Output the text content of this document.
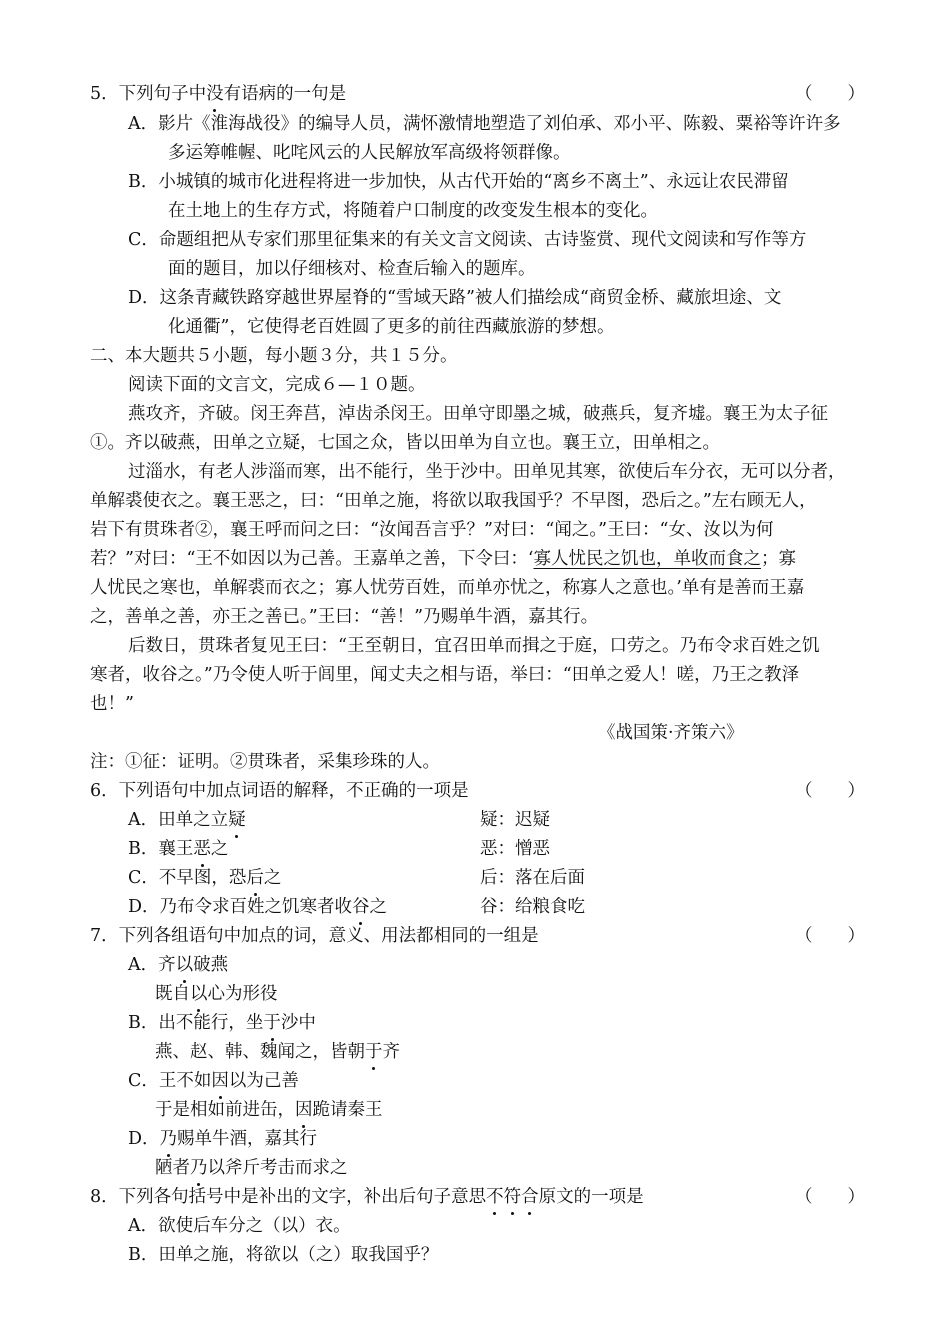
5．下列句子中没有语病的一句是	（　　）
A．影片《淮海战役》的编导人员，满怀激情地塑造了刘伯承、邓小平、陈毅、粟裕等许许多
多运筹帷幄、叱咤风云的人民解放军高级将领群像。
B．小城镇的城市化进程将进一步加快，从古代开始的“离乡不离土”、永远让农民滞留
在土地上的生存方式，将随着户口制度的改变发生根本的变化。
C．命题组把从专家们那里征集来的有关文言文阅读、古诗鉴赏、现代文阅读和写作等方
面的题目，加以仔细核对、检查后输入的题库。
D．这条青藏铁路穿越世界屋脊的“雪域天路”被人们描绘成“商贸金桥、藏旅坦途、文
化通衢”，它使得老百姓圆了更多的前往西藏旅游的梦想。
二、本大题共５小题，每小题３分，共１５分。
阅读下面的文言文，完成６—１０题。
燕攻齐，齐破。闵王奔莒，淖齿杀闵王。田单守即墨之城，破燕兵，复齐墟。襄王为太子征
①。齐以破燕，田单之立疑，七国之众，皆以田单为自立也。襄王立，田单相之。
过淄水，有老人涉淄而寒，出不能行，坐于沙中。田单见其寒，欲使后车分衣，无可以分者，
单解裘使衣之。襄王恶之，曰：“田单之施，将欲以取我国乎？不早图，恐后之。”左右顾无人，
岩下有贯珠者②，襄王呼而问之曰：“汝闻吾言乎？”对曰：“闻之。”王曰：“女、汝以为何
若？”对曰：“王不如因以为己善。王嘉单之善，下令曰：‘寡人忧民之饥也，单收而食之；寡
人忧民之寒也，单解裘而衣之；寡人忧劳百姓，而单亦忧之，称寡人之意也。’单有是善而王嘉
之，善单之善，亦王之善已。”王曰：“善！”乃赐单牛酒，嘉其行。
后数日，贯珠者复见王曰：“王至朝日，宜召田单而揖之于庭，口劳之。乃布令求百姓之饥
寒者，收谷之。”乃令使人听于闾里，闻丈夫之相与语，举曰：“田单之爱人！嗟，乃王之教泽
也！”
《战国策·齐策六》
注：①征：证明。②贯珠者，采集珍珠的人。
6．下列语句中加点词语的解释，不正确的一项是	（　　）
A．田单之立疑	疑：迟疑
B．襄王恶之	恶：憎恶
C．不早图，恐后之	后：落在后面
D．乃布令求百姓之饥寒者收谷之	谷：给粮食吃
7．下列各组语句中加点的词，意义、用法都相同的一组是	（　　）
A．齐以破燕
既自以心为形役
B．出不能行，坐于沙中
燕、赵、韩、魏闻之，皆朝于齐
C．王不如因以为己善
于是相如前进缶，因跪请秦王
D．乃赐单牛酒，嘉其行
陋者乃以斧斤考击而求之
8．下列各句括号中是补出的文字，补出后句子意思不符合原文的一项是	（　　）
A．欲使后车分之（以）衣。
B．田单之施，将欲以（之）取我国乎？
